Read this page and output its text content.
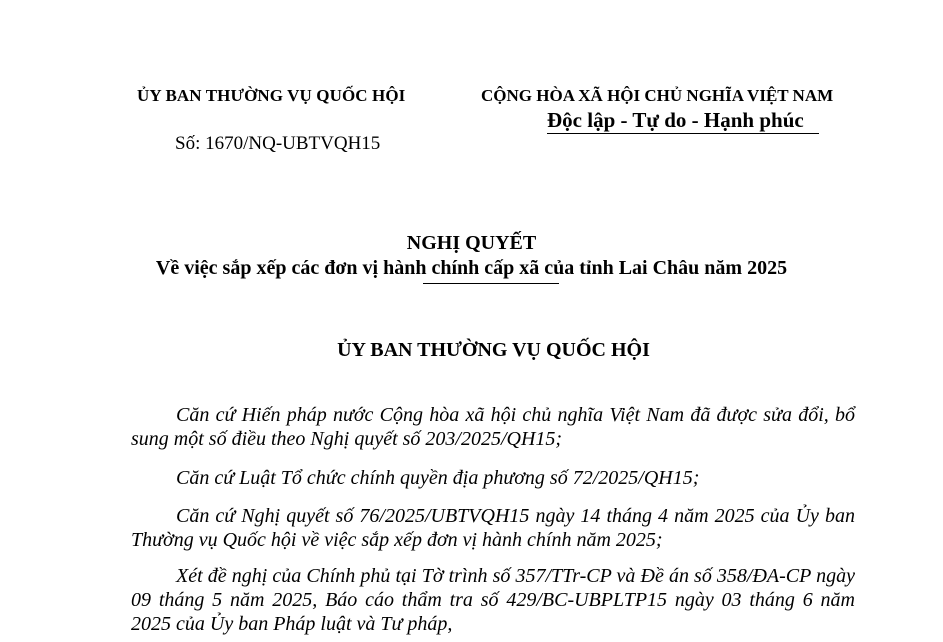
ỦY BAN THƯỜNG VỤ QUỐC HỘI	CỘNG HÒA XÃ HỘI CHỦ NGHĨA VIỆT NAM
Độc lập - Tự do - Hạnh phúc
Số: 1670/NQ-UBTVQH15
NGHỊ QUYẾT
Về việc sắp xếp các đơn vị hành chính cấp xã của tỉnh Lai Châu năm 2025
ỦY BAN THƯỜNG VỤ QUỐC HỘI

Căn cứ Hiến pháp nước Cộng hòa xã hội chủ nghĩa Việt Nam đã được sửa đổi, bổ sung một số điều theo Nghị quyết số 203/2025/QH15;

Căn cứ Luật Tổ chức chính quyền địa phương số 72/2025/QH15;

Căn cứ Nghị quyết số 76/2025/UBTVQH15 ngày 14 tháng 4 năm 2025 của Ủy ban Thường vụ Quốc hội về việc sắp xếp đơn vị hành chính năm 2025;

Xét đề nghị của Chính phủ tại Tờ trình số 357/TTr-CP và Đề án số 358/ĐA-CP ngày 09 tháng 5 năm 2025, Báo cáo thẩm tra số 429/BC-UBPLTP15 ngày 03 tháng 6 năm 2025 của Ủy ban Pháp luật và Tư pháp,
